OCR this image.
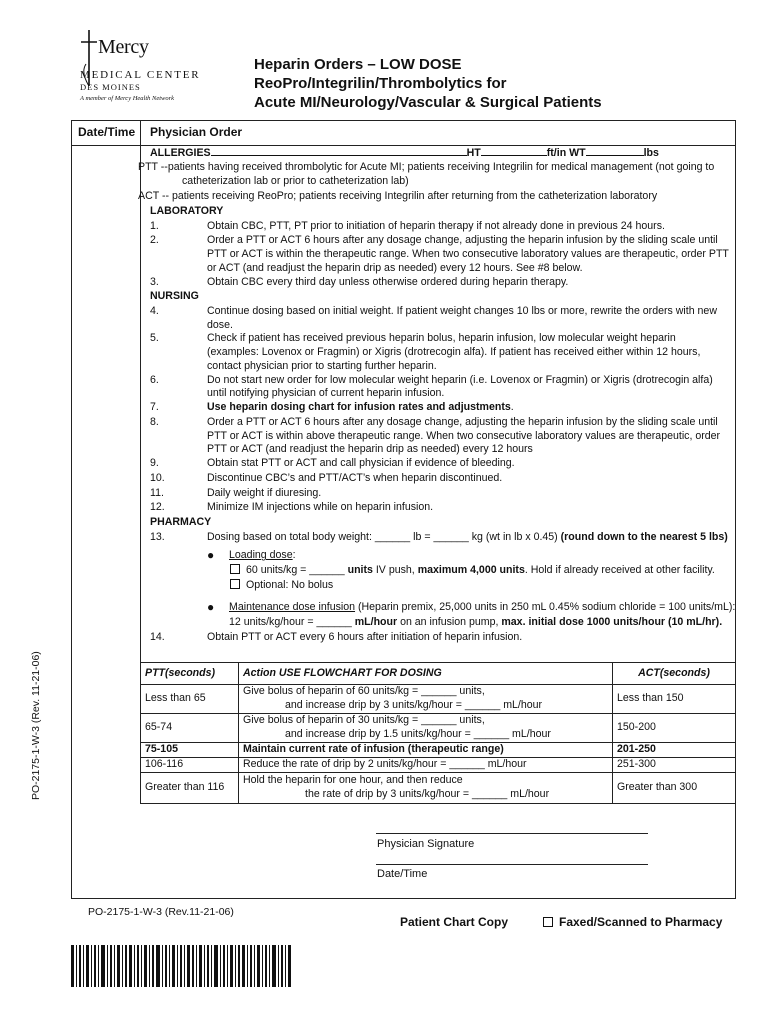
Mercy
MEDICAL CENTER
DES MOINES
A member of Mercy Health Network
Heparin Orders – LOW DOSE
ReoPro/Integrilin/Thrombolytics for
Acute MI/Neurology/Vascular & Surgical Patients
Date/Time Physician Order
ALLERGIES	HT	ft/in WT	lbs
PTT --patients having received thrombolytic for Acute MI; patients receiving Integrilin for medical management (not going to
catheterization lab or prior to catheterization lab)
ACT -- patients receiving ReoPro; patients receiving Integrilin after returning from the catheterization laboratory
LABORATORY
1.	Obtain CBC, PTT, PT prior to initiation of heparin therapy if not already done in previous 24 hours.
2.	Order a PTT or ACT 6 hours after any dosage change, adjusting the heparin infusion by the sliding scale until PTT or ACT is within the therapeutic range. When two consecutive laboratory values are therapeutic, order PTT or ACT (and readjust the heparin drip as needed) every 12 hours. See #8 below.
3.	Obtain CBC every third day unless otherwise ordered during heparin therapy.
NURSING
4.	Continue dosing based on initial weight. If patient weight changes 10 lbs or more, rewrite the orders with new dose.
5.	Check if patient has received previous heparin bolus, heparin infusion, low molecular weight heparin (examples: Lovenox or Fragmin) or Xigris (drotrecogin alfa). If patient has received either within 12 hours, contact physician prior to starting further heparin.
6.	Do not start new order for low molecular weight heparin (i.e. Lovenox or Fragmin) or Xigris (drotrecogin alfa) until notifying physician of current heparin infusion.
7.	Use heparin dosing chart for infusion rates and adjustments.
8.	Order a PTT or ACT 6 hours after any dosage change, adjusting the heparin infusion by the sliding scale until PTT or ACT is within above therapeutic range. When two consecutive laboratory values are therapeutic, order PTT or ACT (and readjust the heparin drip as needed) every 12 hours
9.	Obtain stat PTT or ACT and call physician if evidence of bleeding.
10.	Discontinue CBC’s and PTT/ACT’s when heparin discontinued.
11.	Daily weight if diuresing.
12.	Minimize IM injections while on heparin infusion.
PHARMACY
13.	Dosing based on total body weight: ______ lb = ______ kg (wt in lb x 0.45) (round down to the nearest 5 lbs)
● Loading dose:
60 units/kg = ______ units IV push, maximum 4,000 units. Hold if already received at other facility.
Optional: No bolus
● Maintenance dose infusion (Heparin premix, 25,000 units in 250 mL 0.45% sodium chloride = 100 units/mL):
12 units/kg/hour = ______ mL/hour on an infusion pump, max. initial dose 1000 units/hour (10 mL/hr).
14.	Obtain PTT or ACT every 6 hours after initiation of heparin infusion.
PTT(seconds)	Action USE FLOWCHART FOR DOSING	ACT(seconds)
Less than 65	Give bolus of heparin of 60 units/kg = ______ units,
and increase drip by 3 units/kg/hour = ______ mL/hour	Less than 150
65-74	Give bolus of heparin of 30 units/kg = ______ units,
and increase drip by 1.5 units/kg/hour = ______ mL/hour	150-200
75-105	Maintain current rate of infusion (therapeutic range)	201-250
106-116	Reduce the rate of drip by 2 units/kg/hour = ______ mL/hour	251-300
Greater than 116	Hold the heparin for one hour, and then reduce
the rate of drip by 3 units/kg/hour = ______ mL/hour	Greater than 300
Physician Signature
Date/Time
PO-2175-1-W-3 (Rev. 11-21-06)
PO-2175-1-W-3 (Rev.11-21-06)
Patient Chart Copy	Faxed/Scanned to Pharmacy
